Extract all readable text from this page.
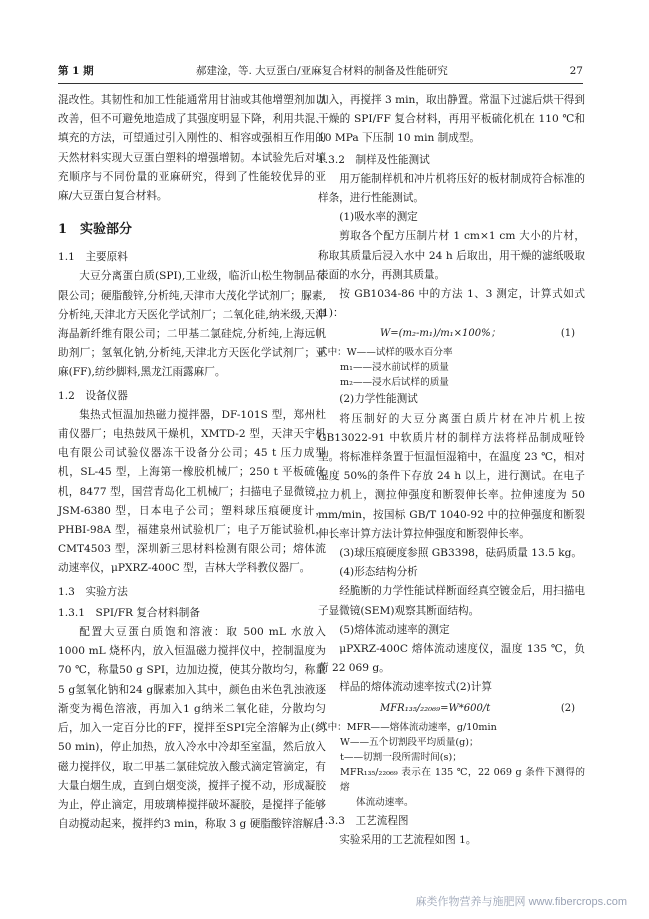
第 1 期	郝建淦，等. 大豆蛋白/亚麻复合材料的制备及性能研究	27

混改性。其韧性和加工性能通常用甘油或其他增塑剂加以改善，但不可避免地造成了其强度明显下降，利用共混、填充的方法，可望通过引入刚性的、相容或强相互作用的天然材料实现大豆蛋白塑料的增强增韧。本试验先后对填充顺序与不同份量的亚麻研究，得到了性能较优异的亚麻/大豆蛋白复合材料。

1　实验部分
1.1　主要原料

大豆分离蛋白质(SPI),工业级，临沂山松生物制品有限公司；硬脂酸锌,分析纯,天津市大茂化学试剂厂；脲素,分析纯,天津北方天医化学试剂厂；二氧化硅,纳米级,天津海晶新纤维有限公司；二甲基二氯硅烷,分析纯,上海远帆助剂厂；氢氧化钠,分析纯,天津北方天医化学试剂厂；亚麻(FF),纺纱脚料,黑龙江雨露麻厂。

1.2　设备仪器

集热式恒温加热磁力搅拌器，DF-101S 型，郑州杜甫仪器厂；电热鼓风干燥机，XMTD-2 型，天津天宇机电有限公司试验仪器冻干设备分公司；45 t 压力成型机，SL-45 型，上海第一橡胶机械厂；250 t 平板硫化机，8477 型，国营青岛化工机械厂；扫描电子显微镜，JSM-6380 型，日本电子公司；塑料球压痕硬度计，PHBI-98A 型，福建泉州试验机厂；电子万能试验机，CMT4503 型，深圳新三思材料检测有限公司；熔体流动速率仪，μPXRZ-400C 型，吉林大学科教仪器厂。

1.3　实验方法
1.3.1　SPI/FR 复合材料制备

配置大豆蛋白质饱和溶液：取 500 mL 水放入 1000 mL 烧杯内，放入恒温磁力搅拌仪中，控制温度为 70 ℃，称量50 g SPI，边加边搅，使其分散均匀，称量5 g氢氧化钠和24 g脲素加入其中，颜色由米色乳浊液逐渐变为褐色溶液，再加入1 g纳米二氧化硅，分散均匀后，加入一定百分比的FF，搅拌至SPI完全溶解为止(约50 min)，停止加热，放入冷水中冷却至室温，然后放入磁力搅拌仪，取二甲基二氯硅烷放入酸式滴定管滴定，有大量白烟生成，直到白烟变淡，搅拌子搅不动，形成凝胶为止，停止滴定，用玻璃棒搅拌破坏凝胶，是搅拌子能够自动搅动起来，搅拌约3 min，称取 3 g 硬脂酸锌溶解后

加入，再搅拌 3 min，取出静置。常温下过滤后烘干得到干燥的 SPI/FF 复合材料，再用平板硫化机在 110 ℃和 10 MPa 下压制 10 min 制成型。

1.3.2　制样及性能测试

用万能制样机和冲片机将压好的板材制成符合标准的样条，进行性能测试。

(1)吸水率的测定

剪取各个配方压制片材 1 cm×1 cm 大小的片材，称取其质量后浸入水中 24 h 后取出，用干燥的滤纸吸取表面的水分，再测其质量。

按 GB1034-86 中的方法 1、3 测定，计算式如式(1)：

W=(m₂-m₁)/m₁×100%；	(1)
式中：W——试样的吸水百分率
m₁——浸水前试样的质量
m₂——浸水后试样的质量

(2)力学性能测试

将压制好的大豆分离蛋白质片材在冲片机上按 GB13022-91 中软质片材的制样方法将样品制成哑铃型。将标准样条置于恒温恒湿箱中，在温度 23 ℃，相对湿度 50%的条件下存放 24 h 以上，进行测试。在电子拉力机上，测拉伸强度和断裂伸长率。拉伸速度为 50 mm/min，按国标 GB/T 1040-92 中的拉伸强度和断裂伸长率计算方法计算拉伸强度和断裂伸长率。

(3)球压痕硬度参照 GB3398，砝码质量 13.5 kg。

(4)形态结构分析

经脆断的力学性能试样断面经真空镀金后，用扫描电子显微镜(SEM)观察其断面结构。

(5)熔体流动速率的测定

μPXRZ-400C 熔体流动速度仪，温度 135 ℃，负荷 22 069 g。

样品的熔体流动速率按式(2)计算

MFR₁₃₅/₂₂₀₆₉=W*600/t	(2)
式中：MFR——熔体流动速率，g/10min
W——五个切割段平均质量(g)；
t——切割一段所需时间(s)；
MFR₁₃₅/₂₂₀₆₉ 表示在 135 ℃，22 069 g 条件下测得的熔
体流动速率。
1.3.3　工艺流程图

实验采用的工艺流程如图 1。

麻类作物营养与施肥网 www.fibercrops.com
